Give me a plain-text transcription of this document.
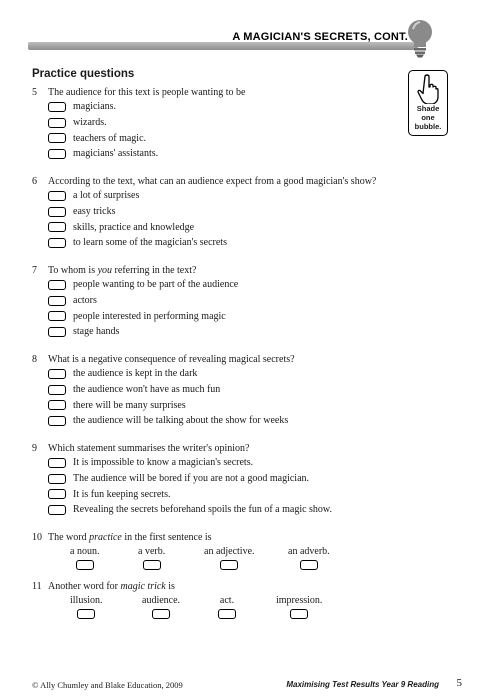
A MAGICIAN'S SECRETS, CONT.
Practice questions
Shade
one
bubble.
5	The audience for this text is people wanting to be
magicians.
wizards.
teachers of magic.
magicians' assistants.
6	According to the text, what can an audience expect from a good magician's show?
a lot of surprises
easy tricks
skills, practice and knowledge
to learn some of the magician's secrets
7	To whom is you referring in the text?
people wanting to be part of the audience
actors
people interested in performing magic
stage hands
8	What is a negative consequence of revealing magical secrets?
the audience is kept in the dark
the audience won't have as much fun
there will be many surprises
the audience will be talking about the show for weeks
9	Which statement summarises the writer's opinion?
It is impossible to know a magician's secrets.
The audience will be bored if you are not a good magician.
It is fun keeping secrets.
Revealing the secrets beforehand spoils the fun of a magic show.
10 The word practice in the first sentence is
a noun.	a verb.	an adjective.	an adverb.
11 Another word for magic trick is
illusion.	audience.	act.	impression.
© Ally Chumley and Blake Education, 2009	Maximising Test Results Year 9 Reading 5
